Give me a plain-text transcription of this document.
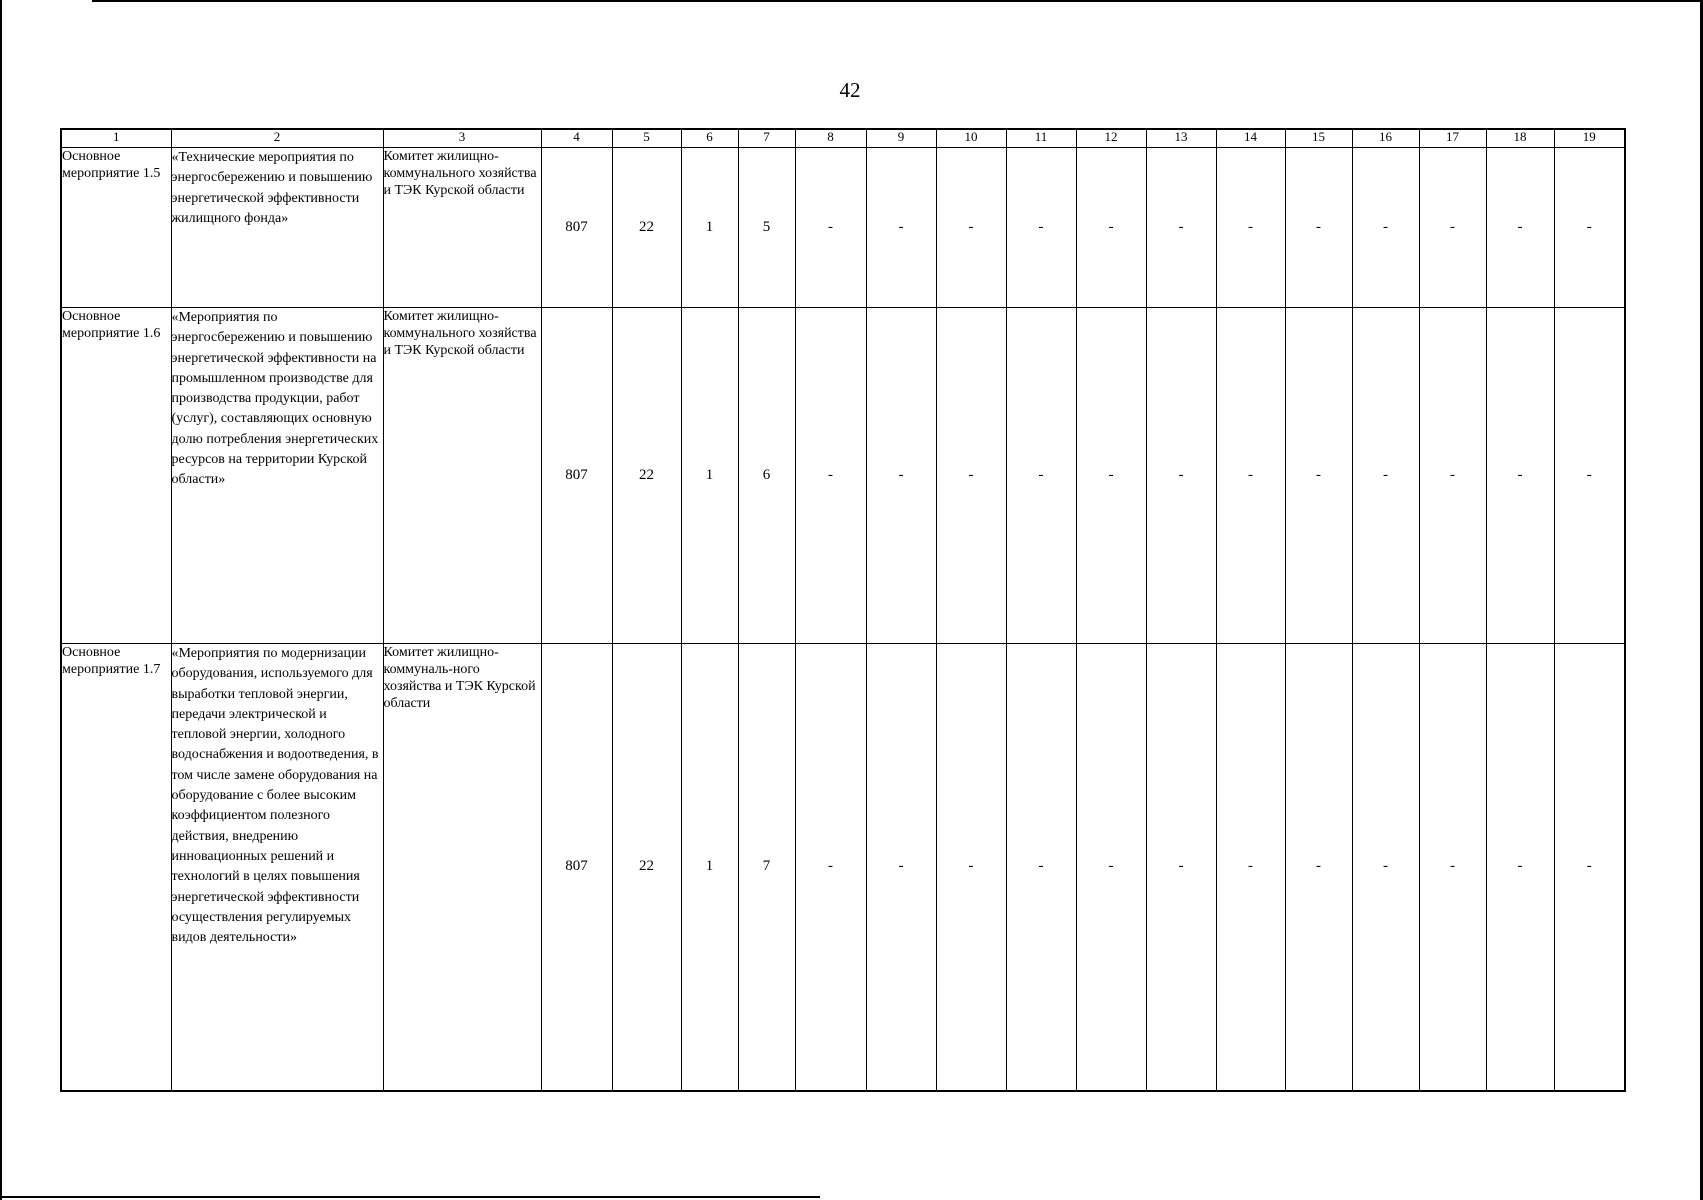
42
1	2	3	4	5	6	7	8	9	10	11	12	13	14	15	16	17	18	19
Основное мероприятие 1.5	«Технические мероприятия по энергосбережению и повышению энергетической эффективности жилищного фонда»	Комитет жилищно-коммунального хозяйства и ТЭК Курской области	807	22	1	5	-	-	-	-	-	-	-	-	-	-	-	-
Основное мероприятие 1.6	«Мероприятия по энергосбережению и повышению энергетической эффективности на промышленном производстве для производства продукции, работ (услуг), составляющих основную долю потребления энергетических ресурсов на территории Курской области»	Комитет жилищно-коммунального хозяйства и ТЭК Курской области	807	22	1	6	-	-	-	-	-	-	-	-	-	-	-	-
Основное мероприятие 1.7	«Мероприятия по модернизации оборудования, используемого для выработки тепловой энергии, передачи электрической и тепловой энергии, холодного водоснабжения и водоотведения, в том числе замене оборудования на оборудование с более высоким коэффициентом полезного действия, внедрению инновационных решений и технологий в целях повышения энергетической эффективности осуществления регулируемых видов деятельности»	Комитет жилищно-коммуналь-ного хозяйства и ТЭК Курской области	807	22	1	7	-	-	-	-	-	-	-	-	-	-	-	-
